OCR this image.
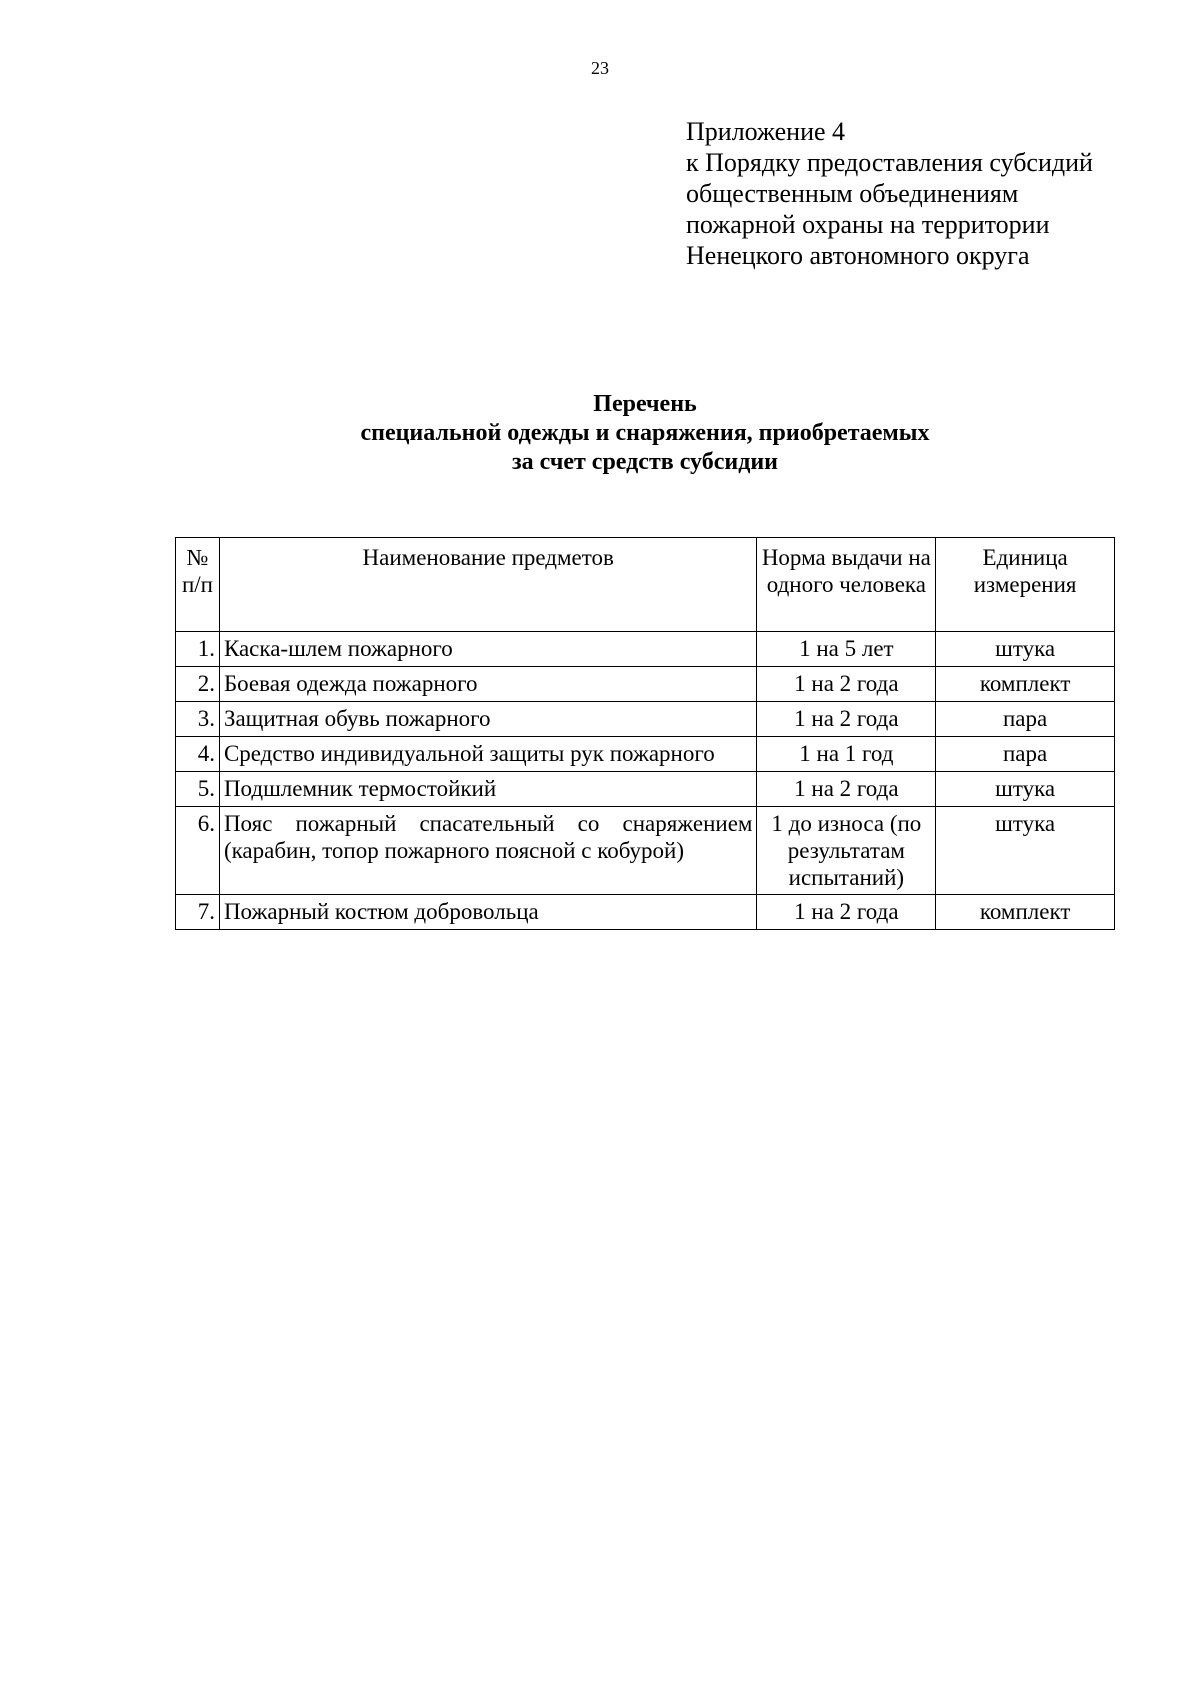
23
Приложение 4
к Порядку предоставления субсидий
общественным объединениям
пожарной охраны на территории
Ненецкого автономного округа
Перечень
специальной одежды и снаряжения, приобретаемых
за счет средств субсидии
№ п/п	Наименование предметов	Норма выдачи на одного человека	Единица измерения
1.	Каска-шлем пожарного	1 на 5 лет	штука
2.	Боевая одежда пожарного	1 на 2 года	комплект
3.	Защитная обувь пожарного	1 на 2 года	пара
4.	Средство индивидуальной защиты рук пожарного	1 на 1 год	пара
5.	Подшлемник термостойкий	1 на 2 года	штука
6.	Пояс пожарный спасательный со снаряжением (карабин, топор пожарного поясной с кобурой)	1 до износа (по результатам испытаний)	штука
7.	Пожарный костюм добровольца	1 на 2 года	комплект
